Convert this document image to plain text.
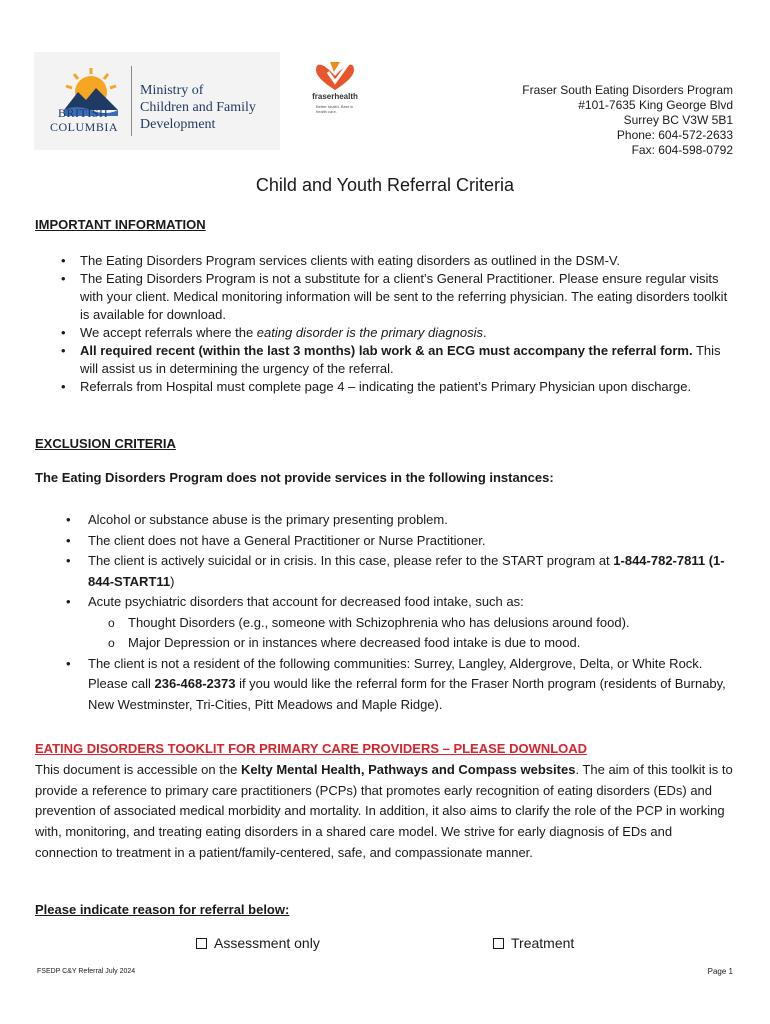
BRITISH
COLUMBIA
Ministry of
Children and Family
Development
fraserhealth
Better health. Best in health care.
Fraser South Eating Disorders Program
#101-7635 King George Blvd
Surrey BC V3W 5B1
Phone: 604-572-2633
Fax: 604-598-0792
Child and Youth Referral Criteria
IMPORTANT INFORMATION
• The Eating Disorders Program services clients with eating disorders as outlined in the DSM-V.
• The Eating Disorders Program is not a substitute for a client’s General Practitioner. Please ensure regular visits with your client. Medical monitoring information will be sent to the referring physician. The eating disorders toolkit is available for download.
• We accept referrals where the eating disorder is the primary diagnosis.
• All required recent (within the last 3 months) lab work & an ECG must accompany the referral form. This will assist us in determining the urgency of the referral.
• Referrals from Hospital must complete page 4 – indicating the patient’s Primary Physician upon discharge.
EXCLUSION CRITERIA
The Eating Disorders Program does not provide services in the following instances:
• Alcohol or substance abuse is the primary presenting problem.
• The client does not have a General Practitioner or Nurse Practitioner.
• The client is actively suicidal or in crisis. In this case, please refer to the START program at 1-844-782-7811 (1-844-START11)
• Acute psychiatric disorders that account for decreased food intake, such as:
o Thought Disorders (e.g., someone with Schizophrenia who has delusions around food).
o Major Depression or in instances where decreased food intake is due to mood.
• The client is not a resident of the following communities: Surrey, Langley, Aldergrove, Delta, or White Rock. Please call 236-468-2373 if you would like the referral form for the Fraser North program (residents of Burnaby, New Westminster, Tri-Cities, Pitt Meadows and Maple Ridge).
EATING DISORDERS TOOKLIT FOR PRIMARY CARE PROVIDERS – PLEASE DOWNLOAD
This document is accessible on the Kelty Mental Health, Pathways and Compass websites. The aim of this toolkit is to provide a reference to primary care practitioners (PCPs) that promotes early recognition of eating disorders (EDs) and prevention of associated medical morbidity and mortality. In addition, it also aims to clarify the role of the PCP in working with, monitoring, and treating eating disorders in a shared care model. We strive for early diagnosis of EDs and connection to treatment in a patient/family-centered, safe, and compassionate manner.
Please indicate reason for referral below:
Assessment only	Treatment
FSEDP C&Y Referral July 2024	Page 1
